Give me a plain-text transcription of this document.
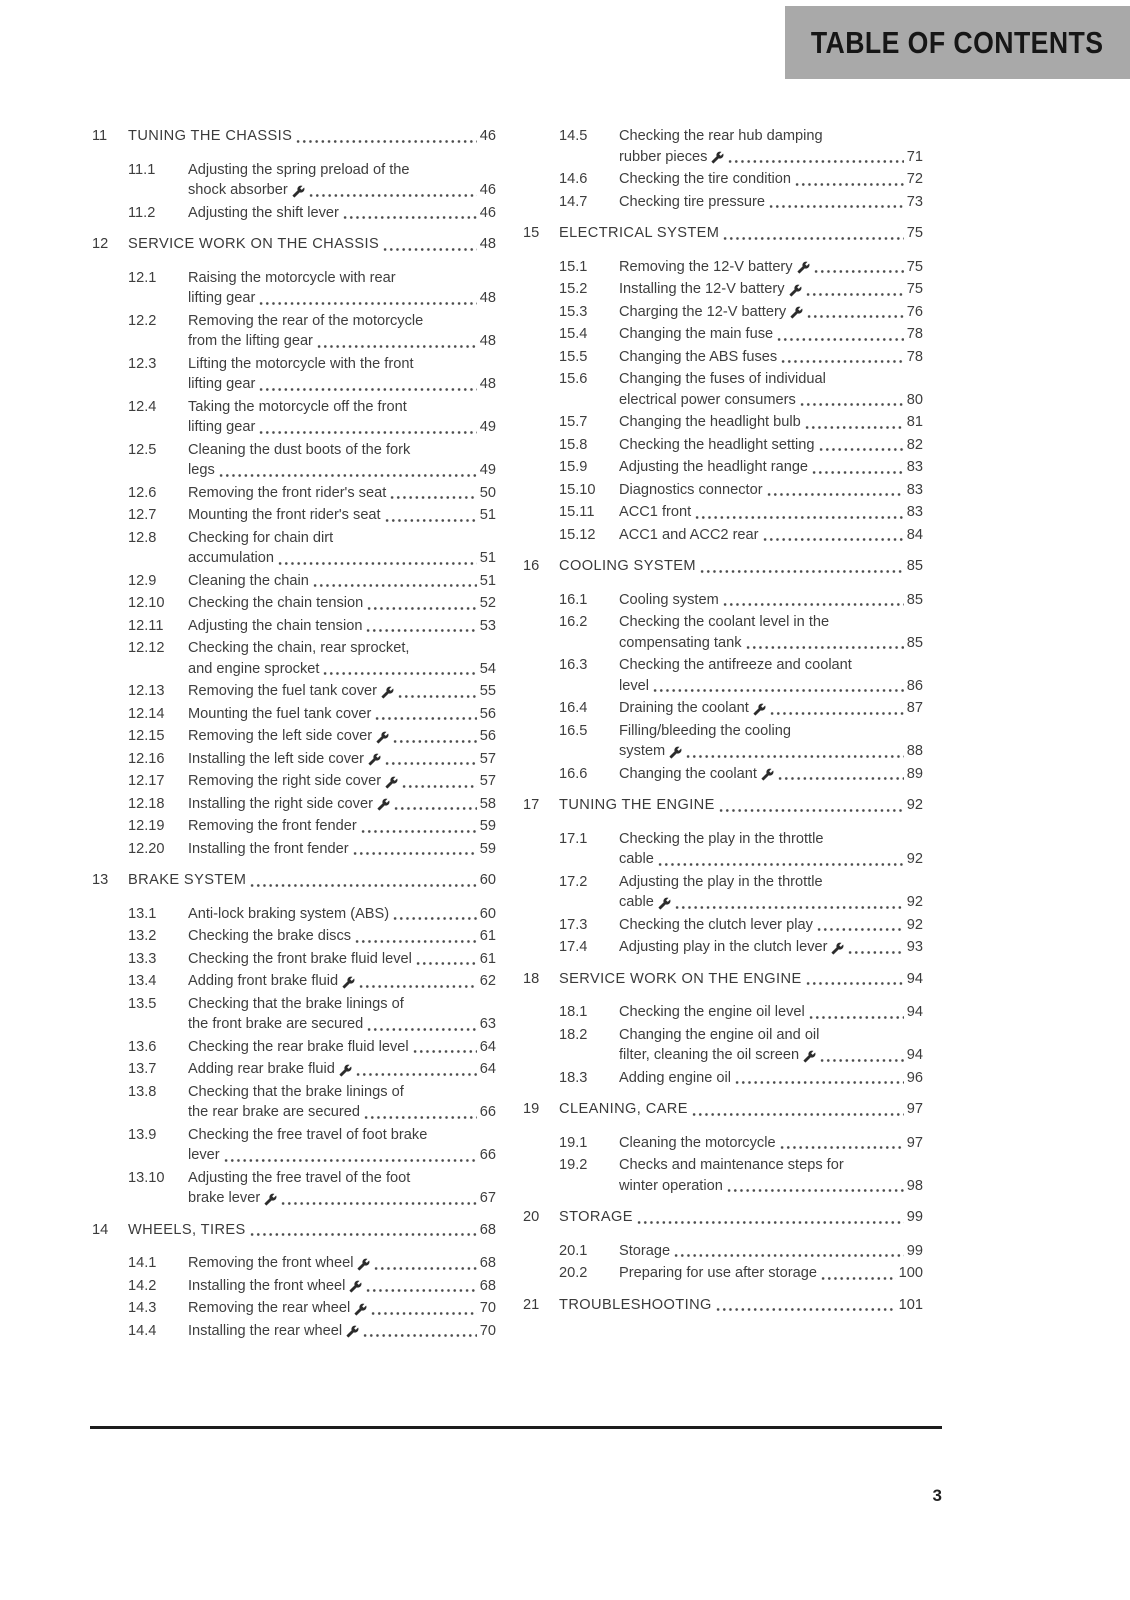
TABLE OF CONTENTS
11	TUNING THE CHASSIS	46
11.1	Adjusting the spring preload of the
shock absorber	46
11.2	Adjusting the shift lever	46
12	SERVICE WORK ON THE CHASSIS	48
12.1	Raising the motorcycle with rear
lifting gear	48
12.2	Removing the rear of the motorcycle
from the lifting gear	48
12.3	Lifting the motorcycle with the front
lifting gear	48
12.4	Taking the motorcycle off the front
lifting gear	49
12.5	Cleaning the dust boots of the fork
legs	49
12.6	Removing the front rider's seat	50
12.7	Mounting the front rider's seat	51
12.8	Checking for chain dirt
accumulation	51
12.9	Cleaning the chain	51
12.10	Checking the chain tension	52
12.11	Adjusting the chain tension	53
12.12	Checking the chain, rear sprocket,
and engine sprocket	54
12.13	Removing the fuel tank cover	55
12.14	Mounting the fuel tank cover	56
12.15	Removing the left side cover	56
12.16	Installing the left side cover	57
12.17	Removing the right side cover	57
12.18	Installing the right side cover	58
12.19	Removing the front fender	59
12.20	Installing the front fender	59
13	BRAKE SYSTEM	60
13.1	Anti-lock braking system (ABS)	60
13.2	Checking the brake discs	61
13.3	Checking the front brake fluid level	61
13.4	Adding front brake fluid	62
13.5	Checking that the brake linings of
the front brake are secured	63
13.6	Checking the rear brake fluid level	64
13.7	Adding rear brake fluid	64
13.8	Checking that the brake linings of
the rear brake are secured	66
13.9	Checking the free travel of foot brake
lever	66
13.10	Adjusting the free travel of the foot
brake lever	67
14	WHEELS, TIRES	68
14.1	Removing the front wheel	68
14.2	Installing the front wheel	68
14.3	Removing the rear wheel	70
14.4	Installing the rear wheel	70
14.5	Checking the rear hub damping
rubber pieces	71
14.6	Checking the tire condition	72
14.7	Checking tire pressure	73
15	ELECTRICAL SYSTEM	75
15.1	Removing the 12-V battery	75
15.2	Installing the 12-V battery	75
15.3	Charging the 12-V battery	76
15.4	Changing the main fuse	78
15.5	Changing the ABS fuses	78
15.6	Changing the fuses of individual
electrical power consumers	80
15.7	Changing the headlight bulb	81
15.8	Checking the headlight setting	82
15.9	Adjusting the headlight range	83
15.10	Diagnostics connector	83
15.11	ACC1 front	83
15.12	ACC1 and ACC2 rear	84
16	COOLING SYSTEM	85
16.1	Cooling system	85
16.2	Checking the coolant level in the
compensating tank	85
16.3	Checking the antifreeze and coolant
level	86
16.4	Draining the coolant	87
16.5	Filling/bleeding the cooling
system	88
16.6	Changing the coolant	89
17	TUNING THE ENGINE	92
17.1	Checking the play in the throttle
cable	92
17.2	Adjusting the play in the throttle
cable	92
17.3	Checking the clutch lever play	92
17.4	Adjusting play in the clutch lever	93
18	SERVICE WORK ON THE ENGINE	94
18.1	Checking the engine oil level	94
18.2	Changing the engine oil and oil
filter, cleaning the oil screen	94
18.3	Adding engine oil	96
19	CLEANING, CARE	97
19.1	Cleaning the motorcycle	97
19.2	Checks and maintenance steps for
winter operation	98
20	STORAGE	99
20.1	Storage	99
20.2	Preparing for use after storage	100
21	TROUBLESHOOTING	101
3
